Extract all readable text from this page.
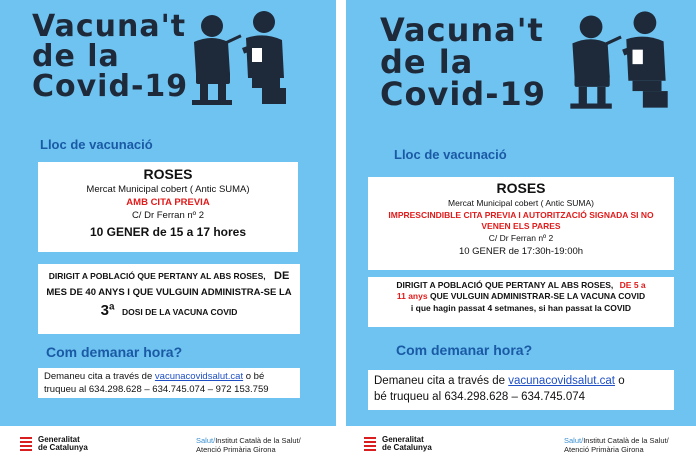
Vacuna't
de la
Covid-19
Lloc de vacunació
ROSES
Mercat Municipal cobert ( Antic SUMA)
AMB CITA PREVIA
C/ Dr Ferran nº 2
10 GENER de 15 a 17 hores
DIRIGIT A POBLACIÓ QUE PERTANY AL ABS ROSES, DE
MES DE 40 ANYS I QUE VULGUIN ADMINISTRA-SE LA
3ª DOSI DE LA VACUNA COVID
Com demanar hora?
Demaneu cita a través de vacunacovidsalut.cat o bé
truqueu al 634.298.628 – 634.745.074 – 972 153.759
Generalitat
de Catalunya
Salut/Institut Català de la Salut/
Atenció Primària Girona
Vacuna't
de la
Covid-19
Lloc de vacunació
ROSES
Mercat Municipal cobert ( Antic SUMA)
IMPRESCINDIBLE CITA PREVIA I AUTORITZACIÓ SIGNADA SI NO
VENEN ELS PARES
C/ Dr Ferran nº 2
10 GENER de 17:30h-19:00h
DIRIGIT A POBLACIÓ QUE PERTANY AL ABS ROSES, DE 5 a
11 anys QUE VULGUIN ADMINISTRAR-SE LA VACUNA COVID
i que hagin passat 4 setmanes, si han passat la COVID
Com demanar hora?
Demaneu cita a través de vacunacovidsalut.cat o
bé truqueu al 634.298.628 – 634.745.074
Generalitat
de Catalunya
Salut/Institut Català de la Salut/
Atenció Primària Girona
